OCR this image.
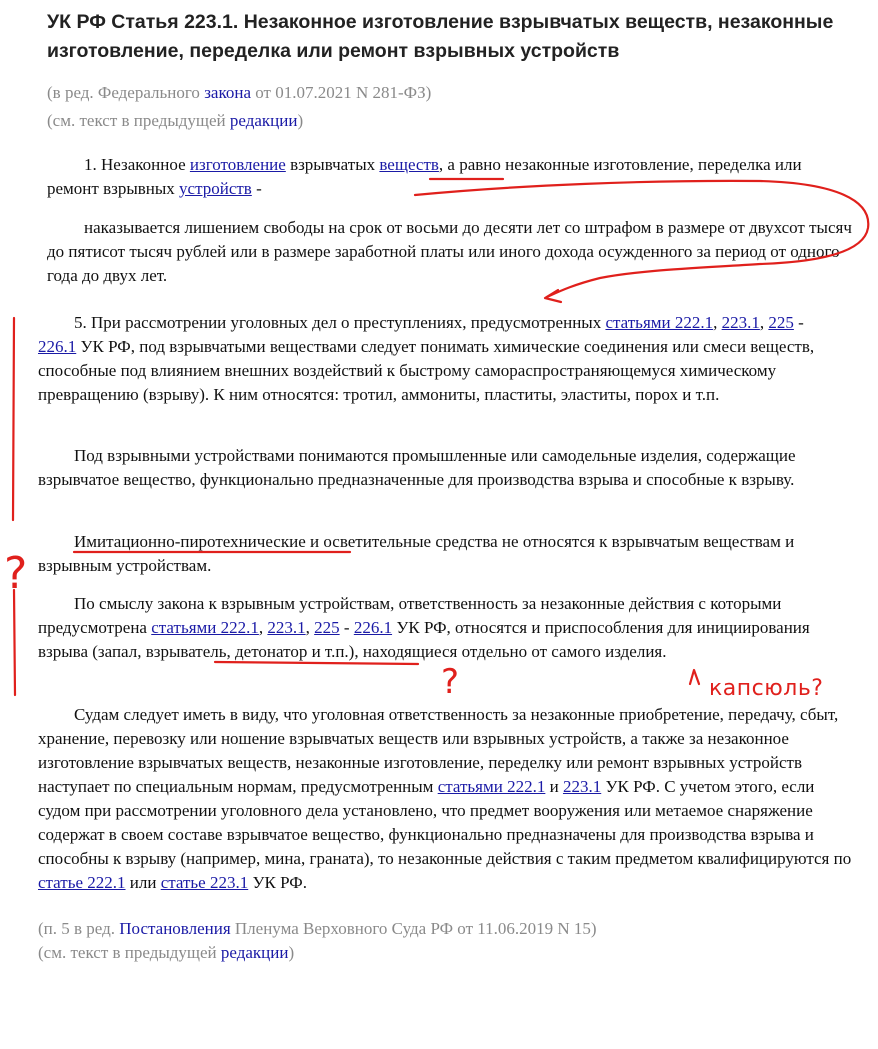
УК РФ Статья 223.1. Незаконное изготовление взрывчатых веществ, незаконные изготовление, переделка или ремонт взрывных устройств
(в ред. Федерального закона от 01.07.2021 N 281-ФЗ)
(см. текст в предыдущей редакции)
1. Незаконное изготовление взрывчатых веществ, а равно незаконные изготовление, переделка или ремонт взрывных устройств -
наказывается лишением свободы на срок от восьми до десяти лет со штрафом в размере от двухсот тысяч до пятисот тысяч рублей или в размере заработной платы или иного дохода осужденного за период от одного года до двух лет.
5. При рассмотрении уголовных дел о преступлениях, предусмотренных статьями 222.1, 223.1, 225 - 226.1 УК РФ, под взрывчатыми веществами следует понимать химические соединения или смеси веществ, способные под влиянием внешних воздействий к быстрому самораспространяющемуся химическому превращению (взрыву). К ним относятся: тротил, аммониты, пластиты, эластиты, порох и т.п.
Под взрывными устройствами понимаются промышленные или самодельные изделия, содержащие взрывчатое вещество, функционально предназначенные для производства взрыва и способные к взрыву.
Имитационно-пиротехнические и осветительные средства не относятся к взрывчатым веществам и взрывным устройствам.
По смыслу закона к взрывным устройствам, ответственность за незаконные действия с которыми предусмотрена статьями 222.1, 223.1, 225 - 226.1 УК РФ, относятся и приспособления для инициирования взрыва (запал, взрыватель, детонатор и т.п.), находящиеся отдельно от самого изделия.
Судам следует иметь в виду, что уголовная ответственность за незаконные приобретение, передачу, сбыт, хранение, перевозку или ношение взрывчатых веществ или взрывных устройств, а также за незаконное изготовление взрывчатых веществ, незаконные изготовление, переделку или ремонт взрывных устройств наступает по специальным нормам, предусмотренным статьями 222.1 и 223.1 УК РФ. С учетом этого, если судом при рассмотрении уголовного дела установлено, что предмет вооружения или метаемое снаряжение содержат в своем составе взрывчатое вещество, функционально предназначены для производства взрыва и способны к взрыву (например, мина, граната), то незаконные действия с таким предметом квалифицируются по статье 222.1 или статье 223.1 УК РФ.
(п. 5 в ред. Постановления Пленума Верховного Суда РФ от 11.06.2019 N 15)
(см. текст в предыдущей редакции)
?
?	капсюль?
